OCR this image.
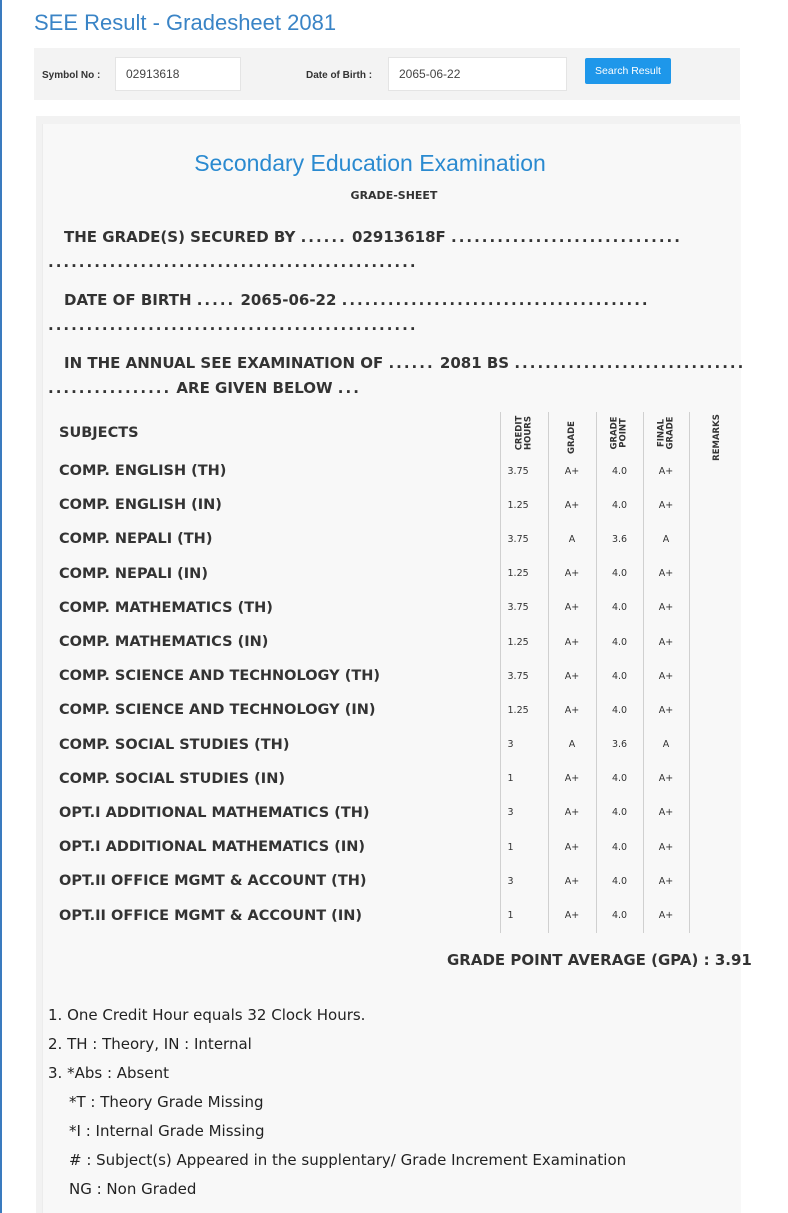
SEE Result - Gradesheet 2081
Symbol No :
02913618	Date of Birth :
2065-06-22	Search Result
Secondary Education Examination
GRADE-SHEET
THE GRADE(S) SECURED BY ...... 02913618F ..............................
................................................
DATE OF BIRTH ..... 2065-06-22 ........................................
................................................
IN THE ANNUAL SEE EXAMINATION OF ...... 2081 BS ..............................
................ ARE GIVEN BELOW ...
SUBJECTS	CREDIT HOURS	GRADE	GRADE POINT	FINAL GRADE	REMARKS
COMP. ENGLISH (TH)	3.75	A+	4.0	A+	
COMP. ENGLISH (IN)	1.25	A+	4.0	A+	
COMP. NEPALI (TH)	3.75	A	3.6	A	
COMP. NEPALI (IN)	1.25	A+	4.0	A+	
COMP. MATHEMATICS (TH)	3.75	A+	4.0	A+	
COMP. MATHEMATICS (IN)	1.25	A+	4.0	A+	
COMP. SCIENCE AND TECHNOLOGY (TH)	3.75	A+	4.0	A+	
COMP. SCIENCE AND TECHNOLOGY (IN)	1.25	A+	4.0	A+	
COMP. SOCIAL STUDIES (TH)	3	A	3.6	A	
COMP. SOCIAL STUDIES (IN)	1	A+	4.0	A+	
OPT.I ADDITIONAL MATHEMATICS (TH)	3	A+	4.0	A+	
OPT.I ADDITIONAL MATHEMATICS (IN)	1	A+	4.0	A+	
OPT.II OFFICE MGMT & ACCOUNT (TH)	3	A+	4.0	A+	
OPT.II OFFICE MGMT & ACCOUNT (IN)	1	A+	4.0	A+	
GRADE POINT AVERAGE (GPA) : 3.91
1. One Credit Hour equals 32 Clock Hours.
2. TH : Theory, IN : Internal
3. *Abs : Absent
*T : Theory Grade Missing
*I : Internal Grade Missing
# : Subject(s) Appeared in the supplentary/ Grade Increment Examination
NG : Non Graded
